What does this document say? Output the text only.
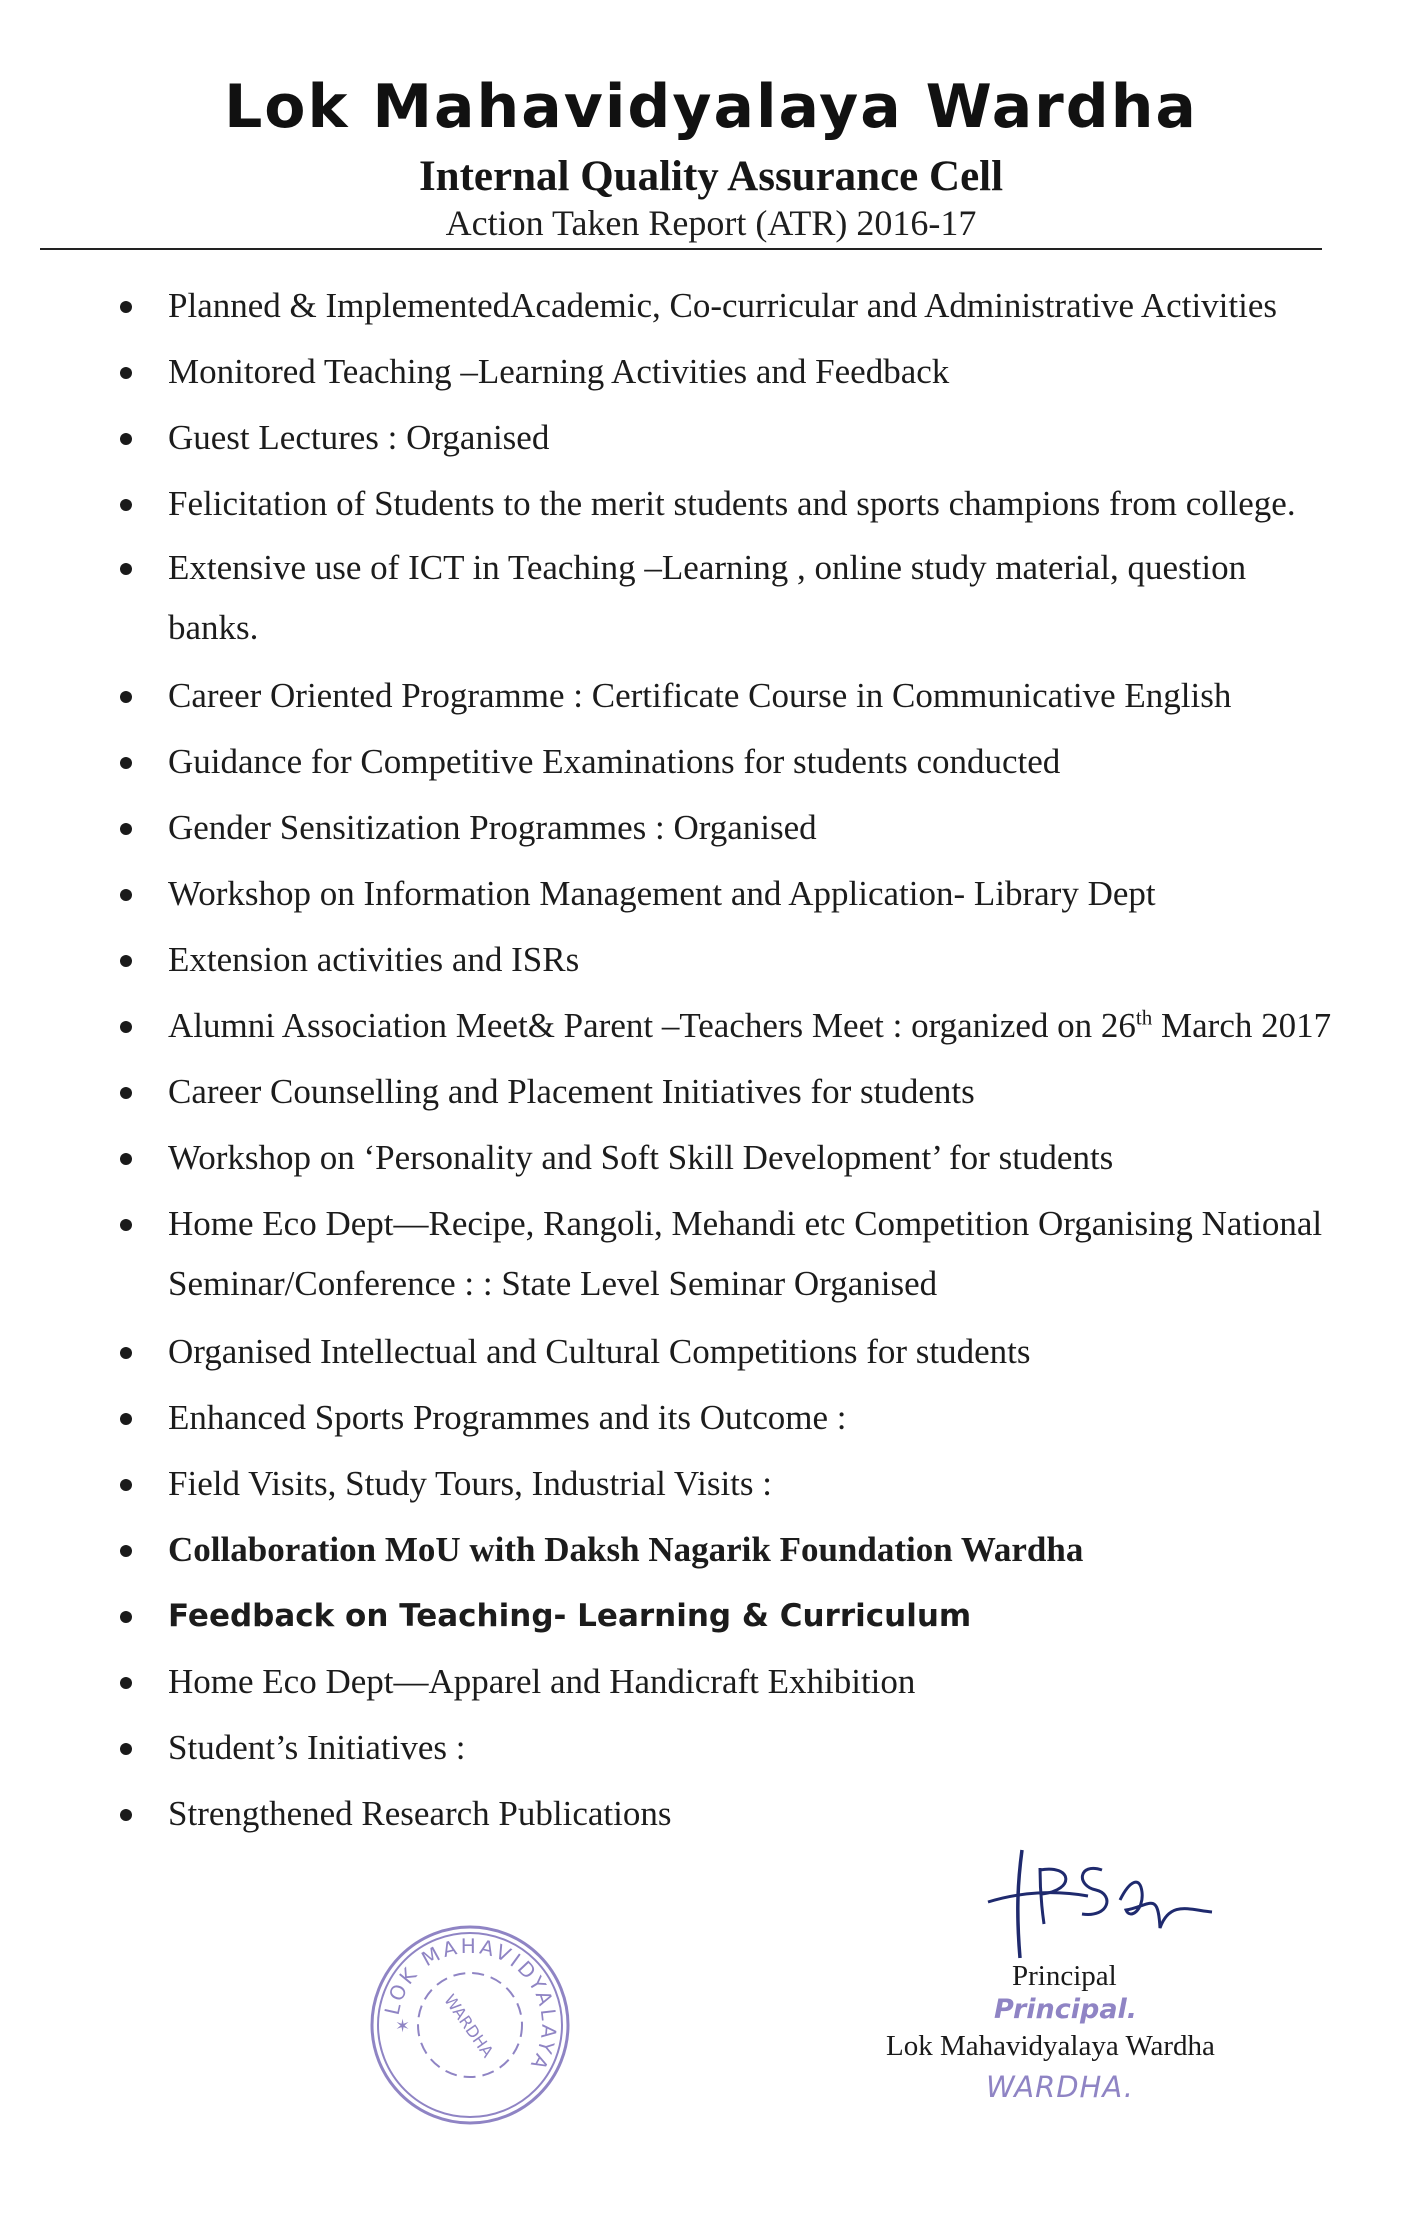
Lok Mahavidyalaya Wardha
Internal Quality Assurance Cell
Action Taken Report (ATR) 2016-17
Planned & ImplementedAcademic, Co-curricular and Administrative Activities
Monitored Teaching –Learning Activities and Feedback
Guest Lectures : Organised
Felicitation of Students to the merit students and sports champions from college.
Extensive use of ICT in Teaching –Learning , online study material, question
banks.
Career Oriented Programme : Certificate Course in Communicative English
Guidance for Competitive Examinations for students conducted
Gender Sensitization Programmes : Organised
Workshop on Information Management and Application- Library Dept
Extension activities and ISRs
Alumni Association Meet& Parent –Teachers Meet : organized on 26th March 2017
Career Counselling and Placement Initiatives for students
Workshop on ‘Personality and Soft Skill Development’ for students
Home Eco Dept—Recipe, Rangoli, Mehandi etc Competition Organising National
Seminar/Conference : : State Level Seminar Organised
Organised Intellectual and Cultural Competitions for students
Enhanced Sports Programmes and its Outcome :
Field Visits, Study Tours, Industrial Visits :
Collaboration MoU with Daksh Nagarik Foundation Wardha
Feedback on Teaching- Learning & Curriculum
Home Eco Dept—Apparel and Handicraft Exhibition
Student’s Initiatives :
Strengthened Research Publications
Principal
Principal.
Lok Mahavidyalaya Wardha
WARDHA.
LOK MAHAVIDYALAYA
WARDHA
✶
